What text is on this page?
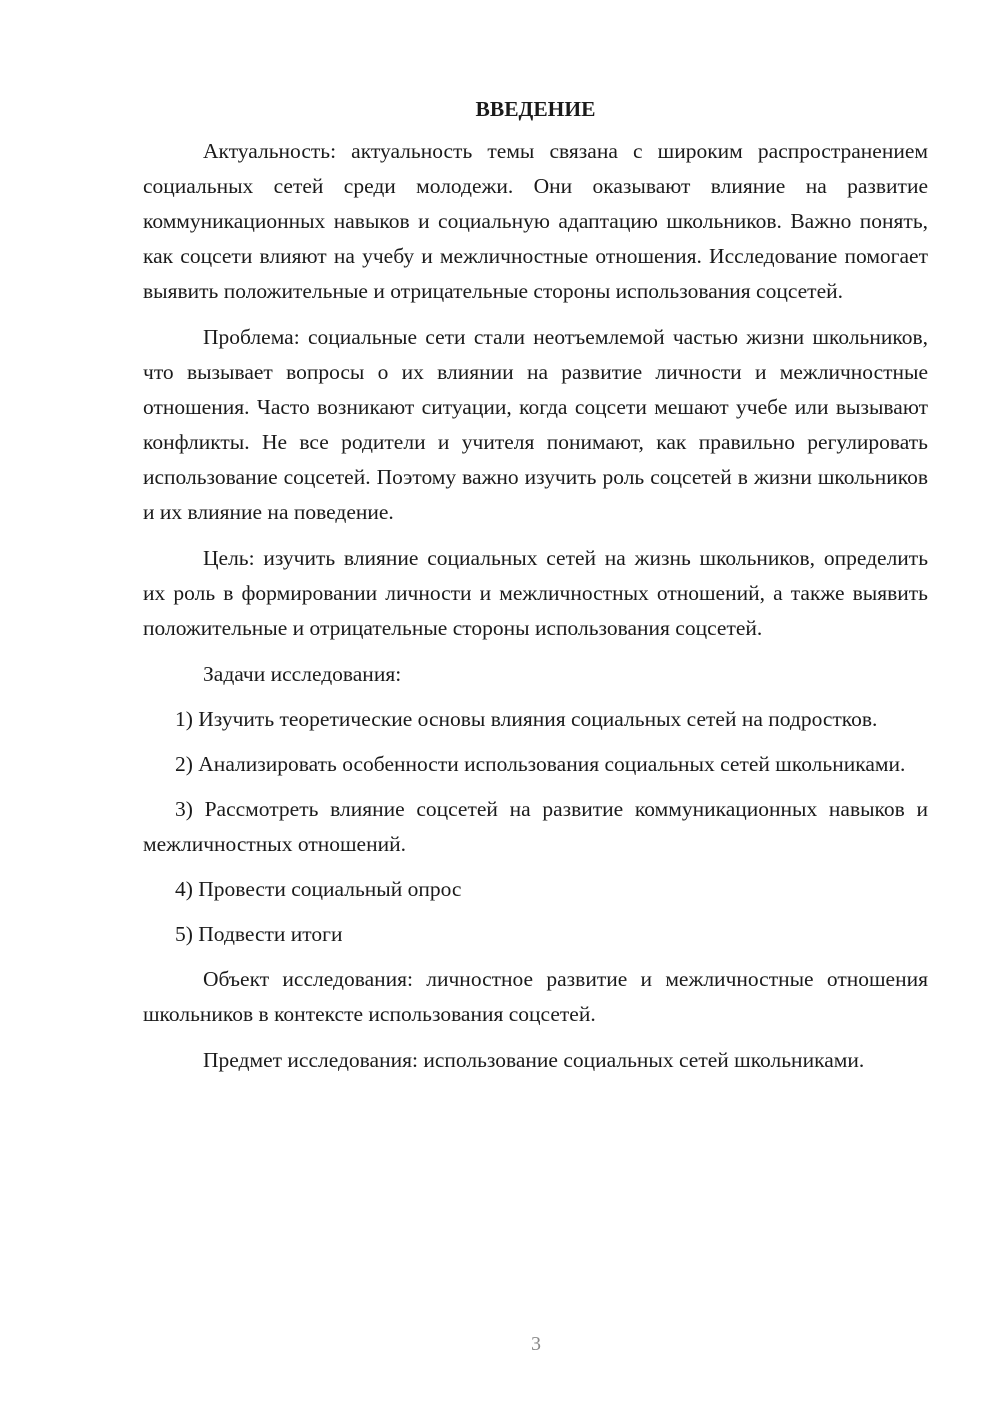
ВВЕДЕНИЕ

Актуальность: актуальность темы связана с широким распространением социальных сетей среди молодежи. Они оказывают влияние на развитие коммуникационных навыков и социальную адаптацию школьников. Важно понять, как соцсети влияют на учебу и межличностные отношения. Исследование помогает выявить положительные и отрицательные стороны использования соцсетей.

Проблема: социальные сети стали неотъемлемой частью жизни школьников, что вызывает вопросы о их влиянии на развитие личности и межличностные отношения. Часто возникают ситуации, когда соцсети мешают учебе или вызывают конфликты. Не все родители и учителя понимают, как правильно регулировать использование соцсетей. Поэтому важно изучить роль соцсетей в жизни школьников и их влияние на поведение.

Цель: изучить влияние социальных сетей на жизнь школьников, определить их роль в формировании личности и межличностных отношений, а также выявить положительные и отрицательные стороны использования соцсетей.

Задачи исследования:

1) Изучить теоретические основы влияния социальных сетей на подростков.

2) Анализировать особенности использования социальных сетей школьниками.

3) Рассмотреть влияние соцсетей на развитие коммуникационных навыков и межличностных отношений.

4) Провести социальный опрос

5) Подвести итоги

Объект исследования: личностное развитие и межличностные отношения школьников в контексте использования соцсетей.

Предмет исследования: использование социальных сетей школьниками.

3
